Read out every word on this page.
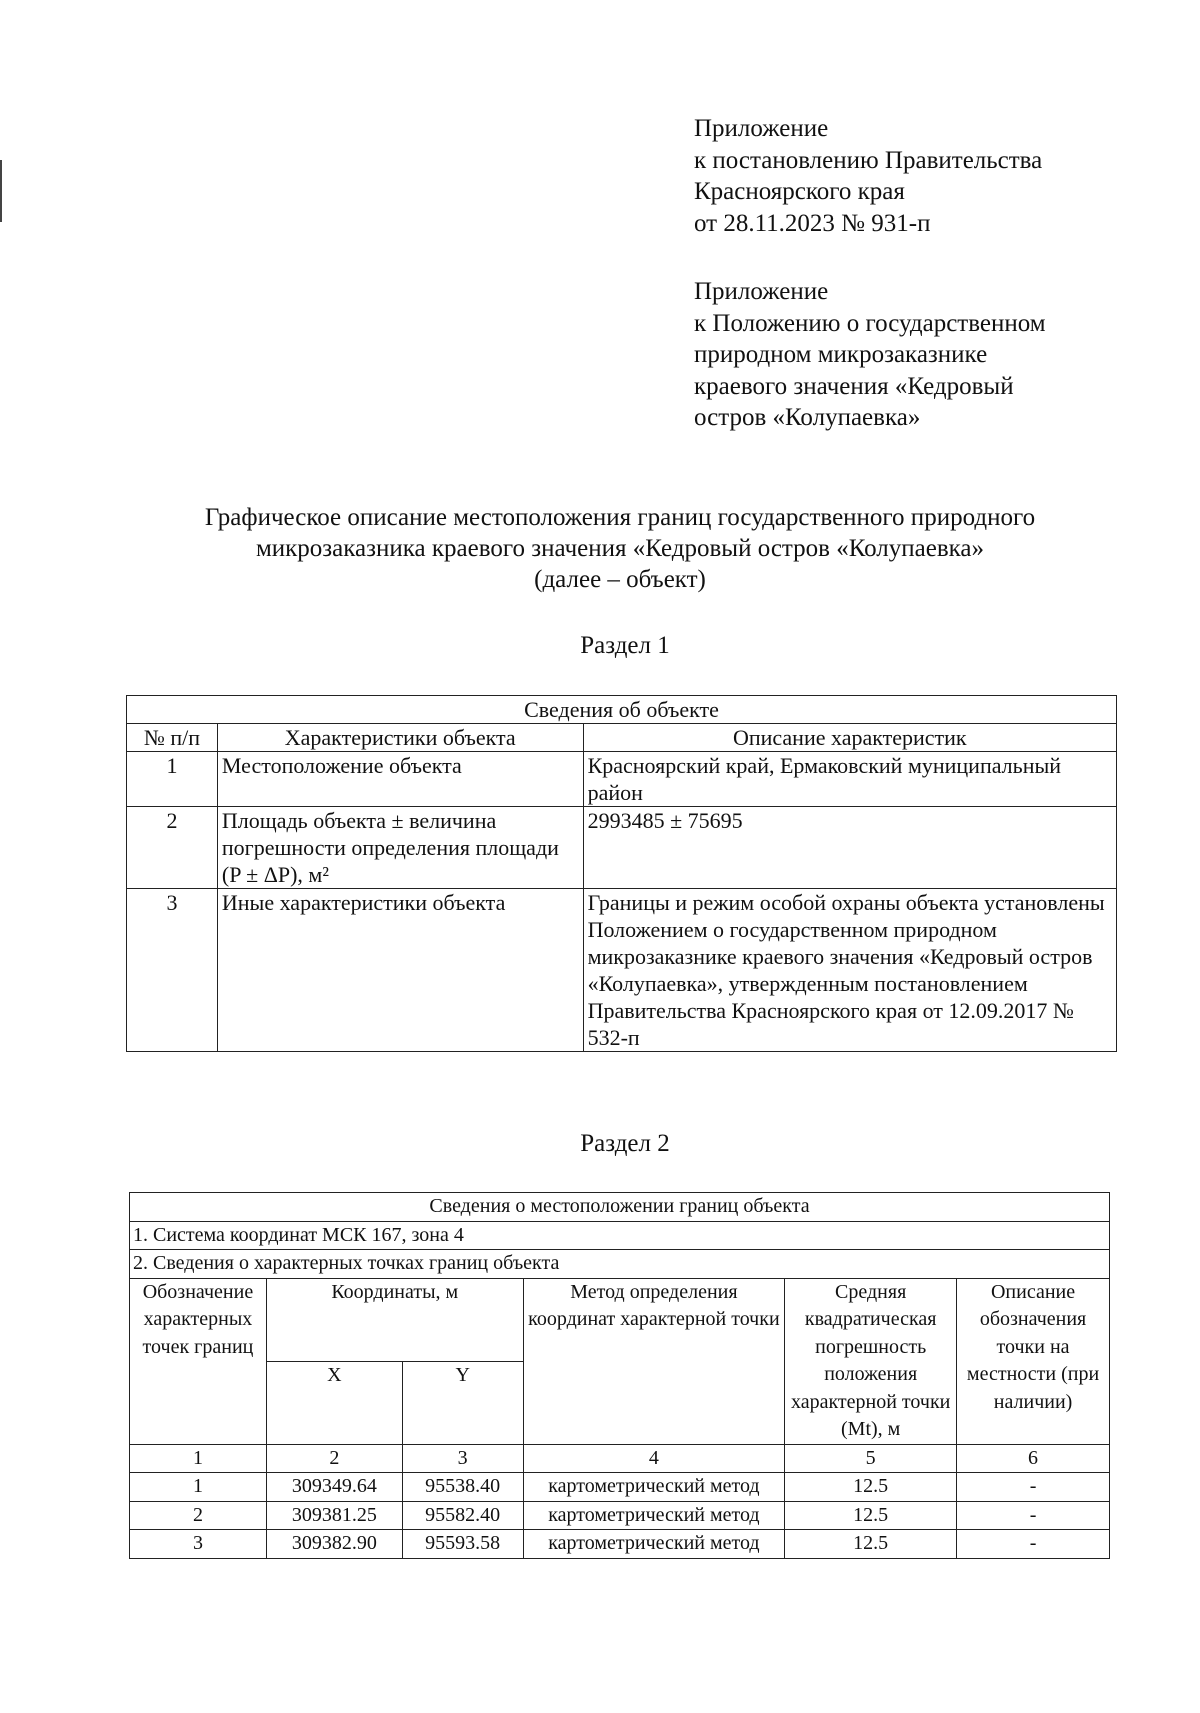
Приложение
к постановлению Правительства
Красноярского края
от 28.11.2023 № 931-п
Приложение
к Положению о государственном
природном микрозаказнике
краевого значения «Кедровый
остров «Колупаевка»
Графическое описание местоположения границ государственного природного
микрозаказника краевого значения «Кедровый остров «Колупаевка»
(далее – объект)
Раздел 1
Сведения об объекте		
№ п/п	Характеристики объекта	Описание характеристик
1	Местоположение объекта	Красноярский край, Ермаковский муниципальный район
2	Площадь объекта ± величина погрешности определения площади (P ± ΔP), м²	2993485 ± 75695
3	Иные характеристики объекта	Границы и режим особой охраны объекта установлены Положением о государственном природном микрозаказнике краевого значения «Кедровый остров «Колупаевка», утвержденным постановлением Правительства Красноярского края от 12.09.2017 № 532-п
Раздел 2
Сведения о местоположении границ объекта					
1. Система координат МСК 167, зона 4					
2. Сведения о характерных точках границ объекта					
Обозначение характерных точек границ	Координаты, м		Метод определения координат характерной точки	Средняя квадратическая погрешность положения характерной точки (Mt), м	Описание обозначения точки на местности (при наличии)
	X	Y			
1	2	3	4	5	6
1	309349.64	95538.40	картометрический метод	12.5	-
2	309381.25	95582.40	картометрический метод	12.5	-
3	309382.90	95593.58	картометрический метод	12.5	-
